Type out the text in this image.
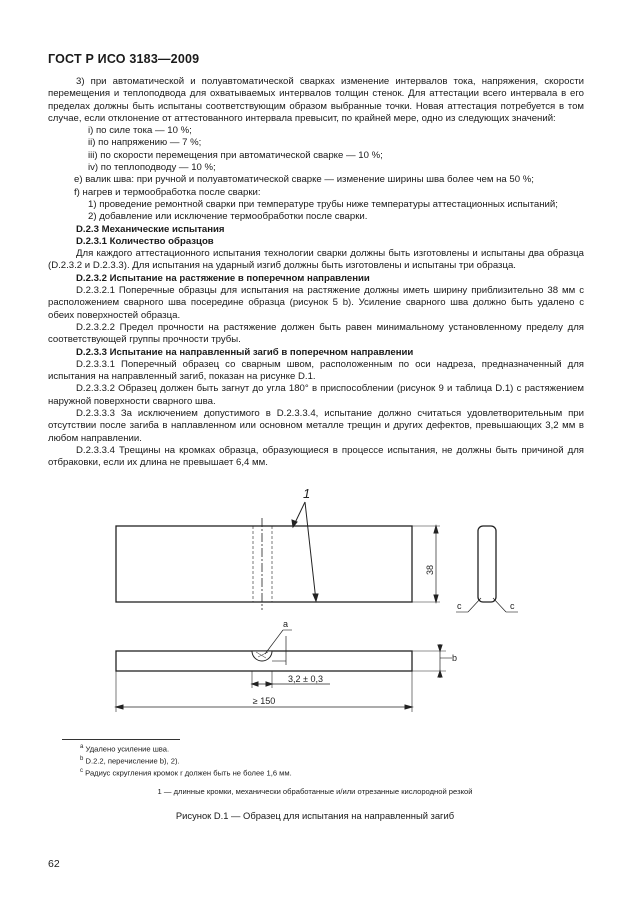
ГОСТ Р ИСО 3183—2009

3) при автоматической и полуавтоматической сварках изменение интервалов тока, напряжения, скорости перемещения и теплоподвода для охватываемых интервалов толщин стенок. Для аттестации всего интервала в его пределах должны быть испытаны соответствующим образом выбранные точки. Новая аттестация потребуется в том случае, если отклонение от аттестованного интервала превысит, по крайней мере, одно из следующих значений:

i) по силе тока — 10 %;

ii) по напряжению — 7 %;

iii) по скорости перемещения при автоматической сварке — 10 %;

iv) по теплоподводу — 10 %;

e) валик шва: при ручной и полуавтоматической сварке — изменение ширины шва более чем на 50 %;

f) нагрев и термообработка после сварки:

1) проведение ремонтной сварки при температуре трубы ниже температуры аттестационных испытаний;

2) добавление или исключение термообработки после сварки.

D.2.3 Механические испытания

D.2.3.1 Количество образцов

Для каждого аттестационного испытания технологии сварки должны быть изготовлены и испытаны два образца (D.2.3.2 и D.2.3.3). Для испытания на ударный изгиб должны быть изготовлены и испытаны три образца.

D.2.3.2 Испытание на растяжение в поперечном направлении

D.2.3.2.1 Поперечные образцы для испытания на растяжение должны иметь ширину приблизительно 38 мм с расположением сварного шва посередине образца (рисунок 5 b). Усиление сварного шва должно быть удалено с обеих поверхностей образца.

D.2.3.2.2 Предел прочности на растяжение должен быть равен минимальному установленному пределу для соответствующей группы прочности трубы.

D.2.3.3 Испытание на направленный загиб в поперечном направлении

D.2.3.3.1 Поперечный образец со сварным швом, расположенным по оси надреза, предназначенный для испытания на направленный загиб, показан на рисунке D.1.

D.2.3.3.2 Образец должен быть загнут до угла 180° в приспособлении (рисунок 9 и таблица D.1) с растяжением наружной поверхности сварного шва.

D.2.3.3.3 За исключением допустимого в D.2.3.3.4, испытание должно считаться удовлетворительным при отсутствии после загиба в наплавленном или основном металле трещин и других дефектов, превышающих 3,2 мм в любом направлении.

D.2.3.3.4 Трещины на кромках образца, образующиеся в процессе испытания, не должны быть причиной для отбраковки, если их длина не превышает 6,4 мм.

1
38
c	c
a
b
3,2 ± 0,3
≥ 150
$^a$ Удалено усиление шва.
$^b$ D.2.2, перечисление b), 2).
$^c$ Радиус скругления кромок r должен быть не более 1,6 мм.
1 — длинные кромки, механически обработанные и/или отрезанные кислородной резкой
Рисунок D.1 — Образец для испытания на направленный загиб
62
